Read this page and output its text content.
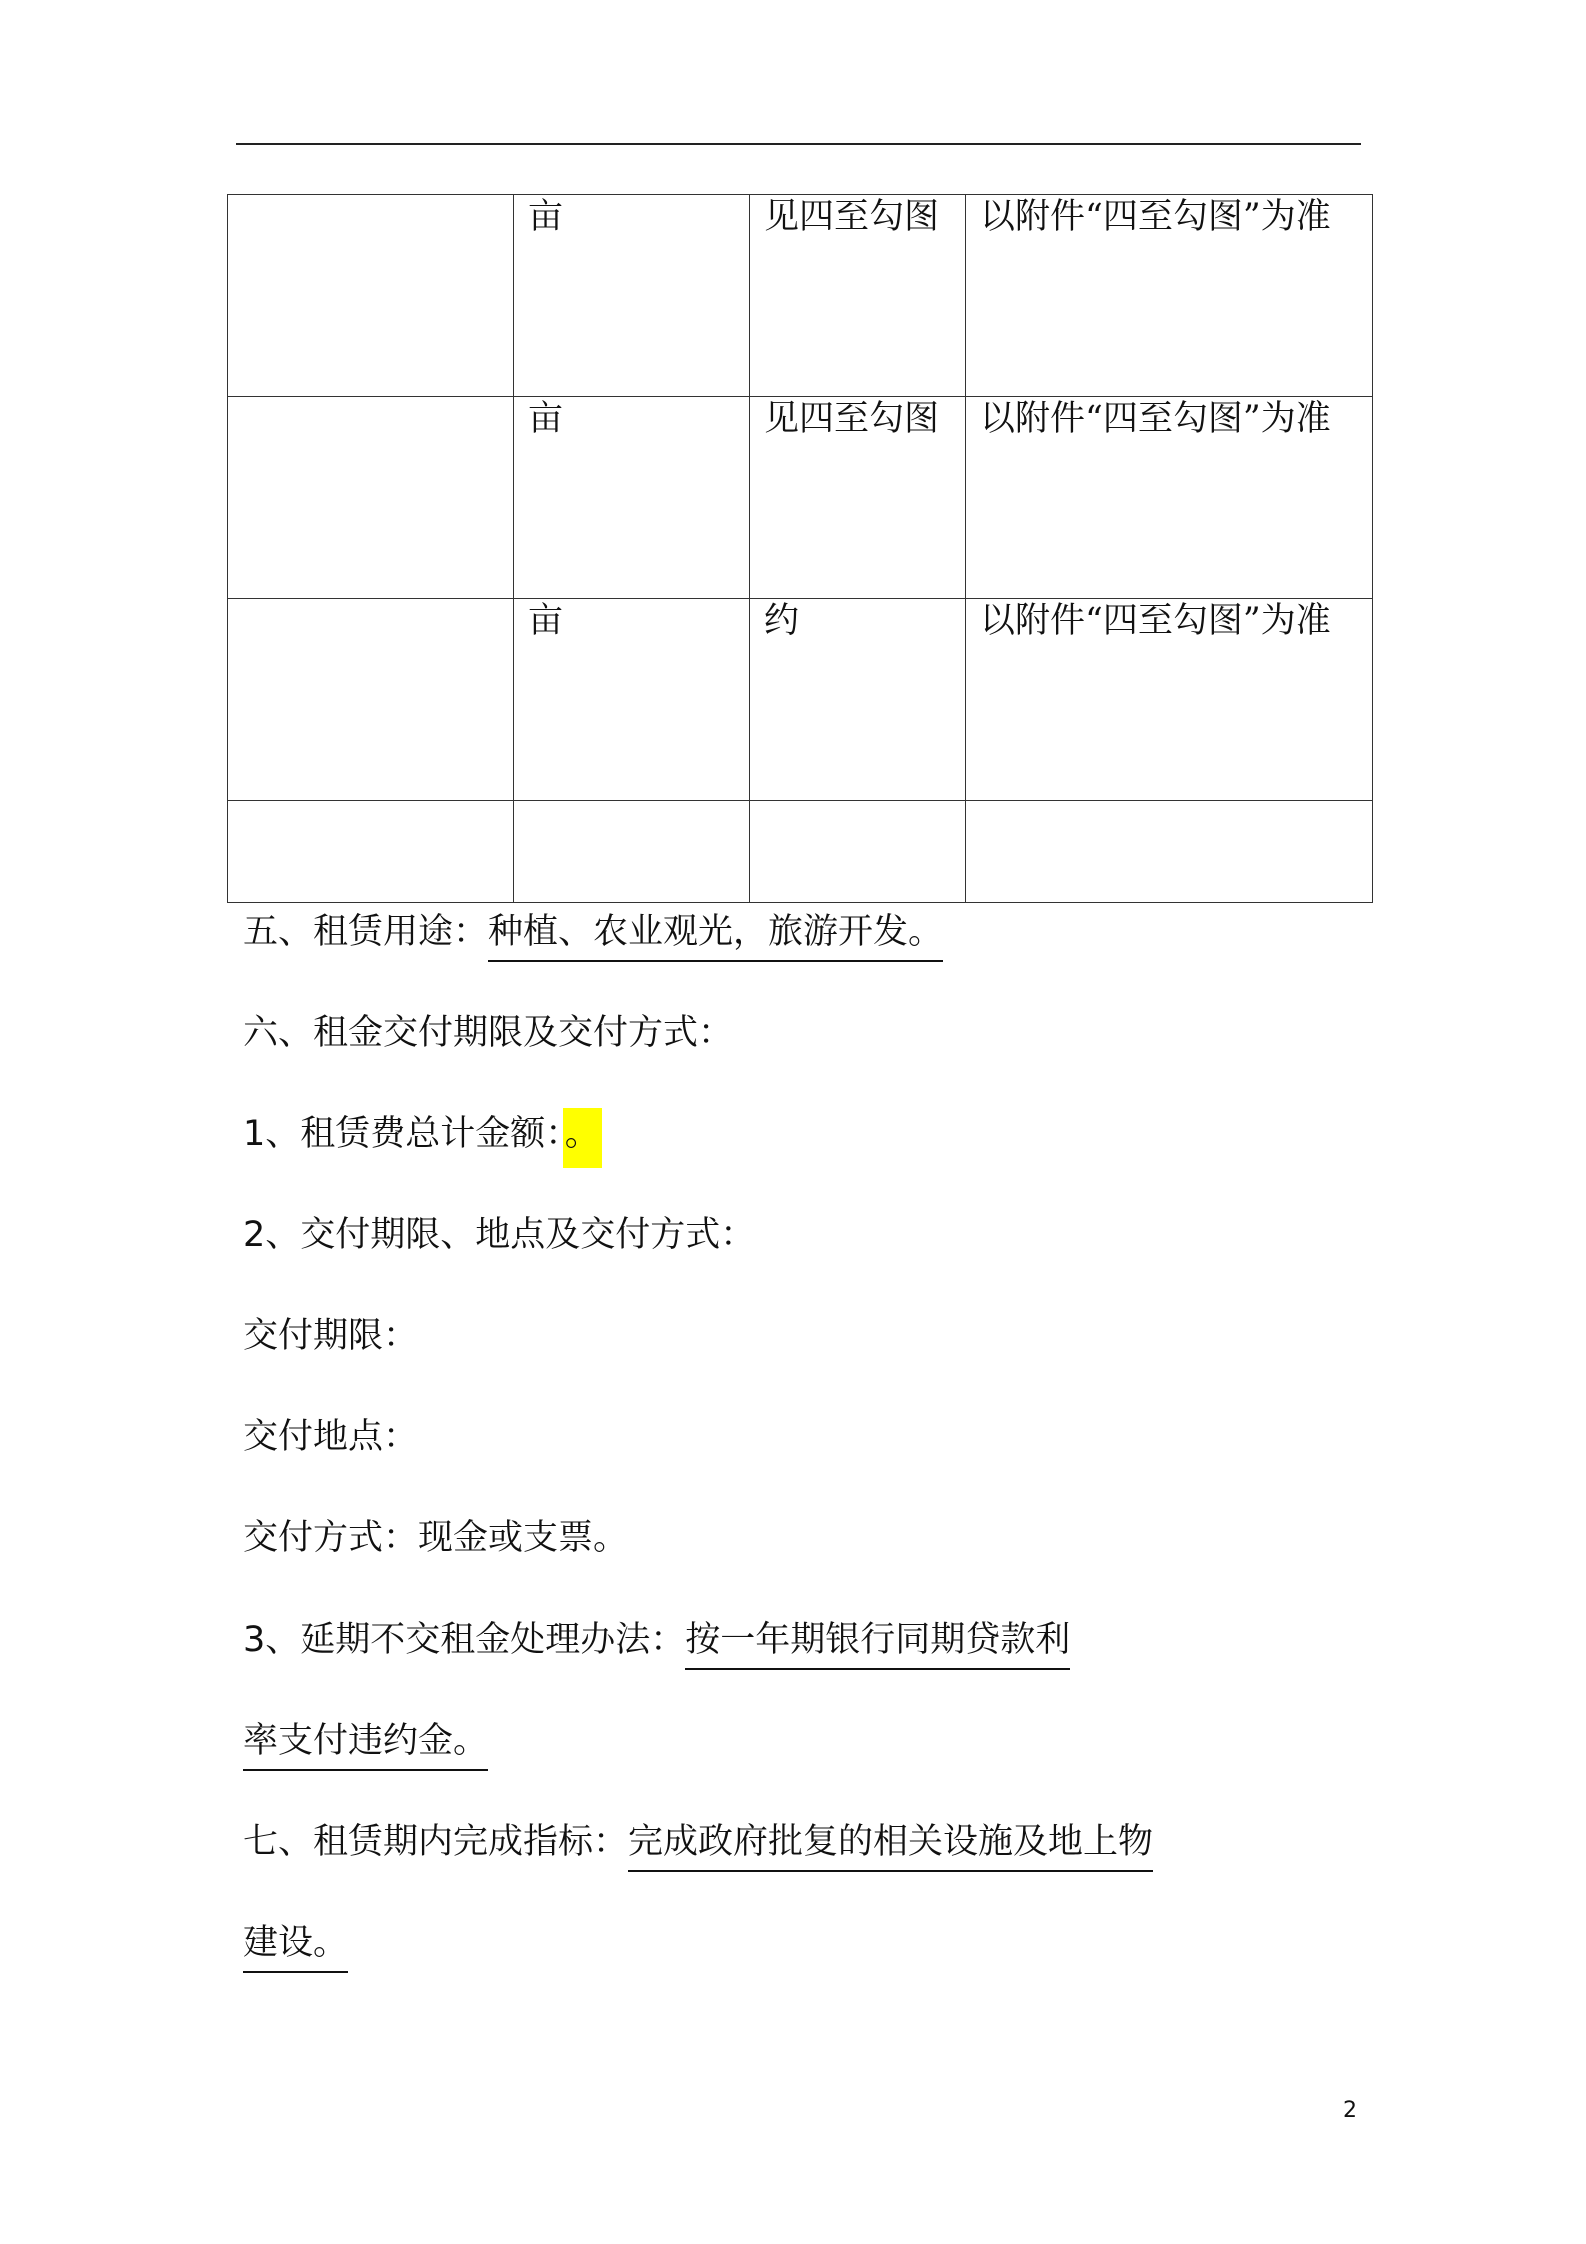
	亩	见四至勾图	以附件“四至勾图”为准

	亩	见四至勾图	以附件“四至勾图”为准

	亩	约	以附件“四至勾图”为准

五、租赁用途：种植、农业观光，旅游开发。
六、租金交付期限及交付方式：
1、租赁费总计金额：。
2、交付期限、地点及交付方式：
交付期限：
交付地点：
交付方式：现金或支票。
3、延期不交租金处理办法：按一年期银行同期贷款利
率支付违约金。
七、租赁期内完成指标：完成政府批复的相关设施及地上物
建设。
2
